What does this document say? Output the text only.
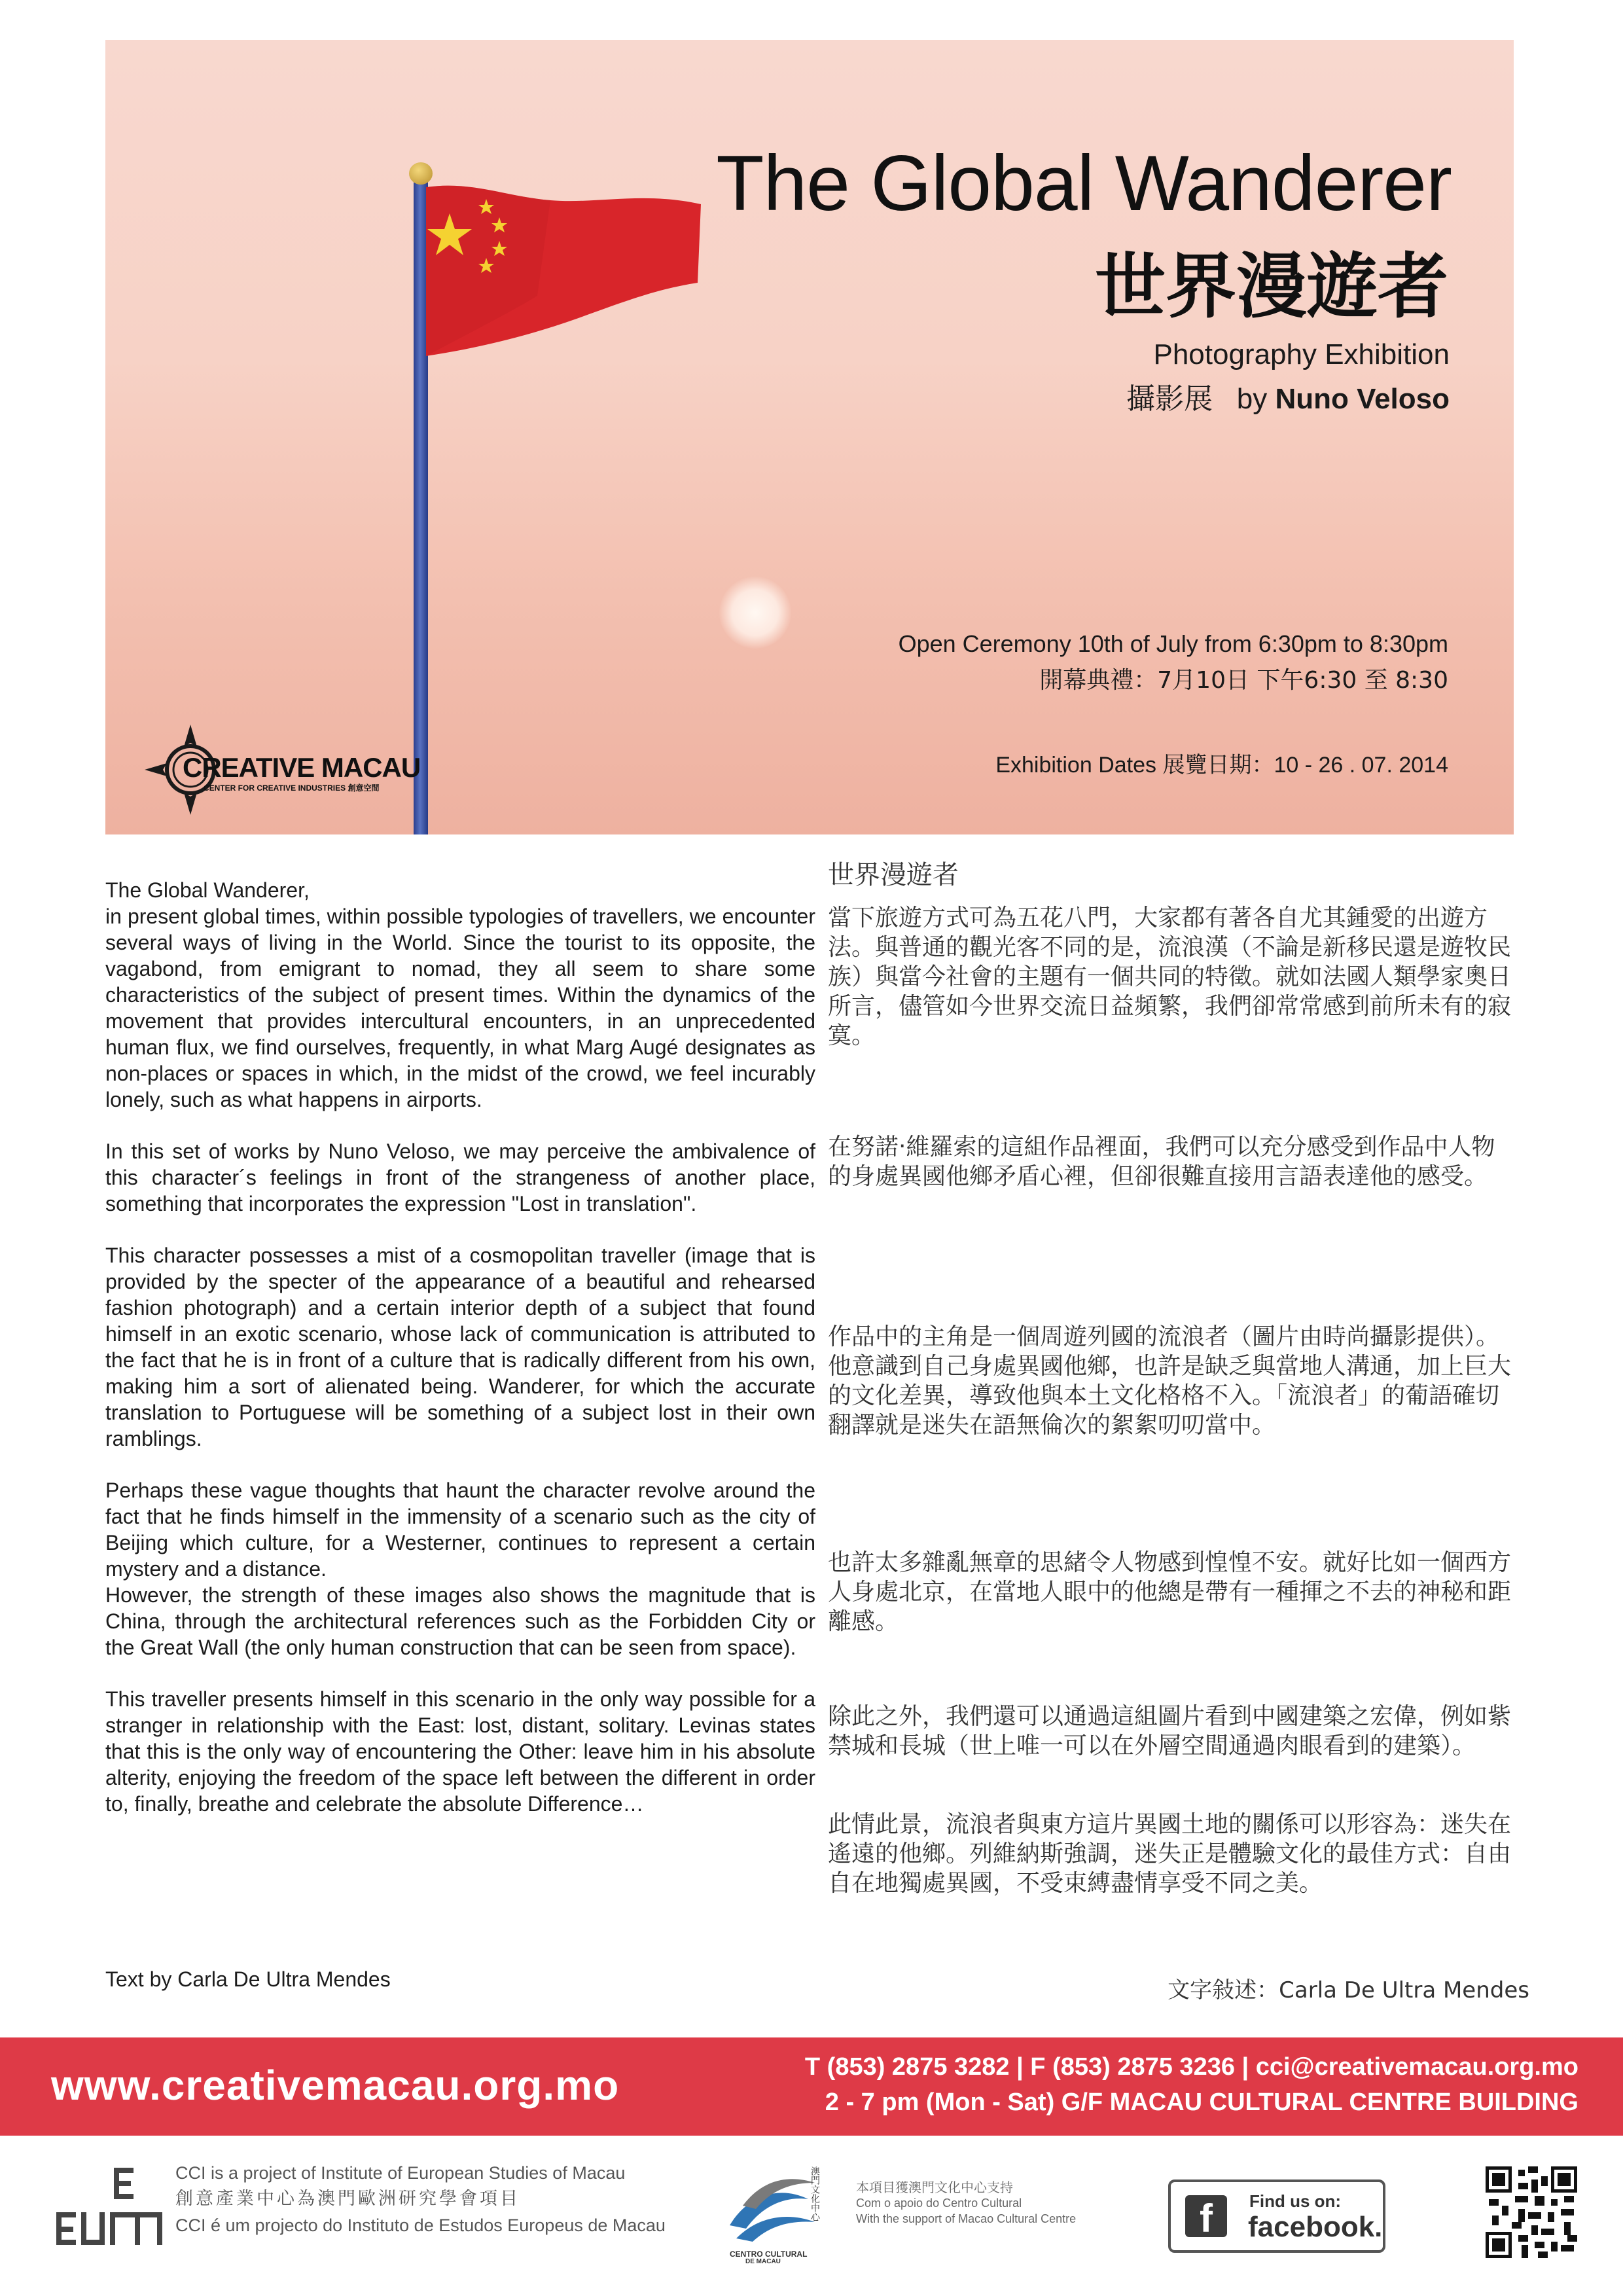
The Global Wanderer
世界漫遊者
Photography Exhibition
攝影展 by Nuno Veloso
Open Ceremony 10th of July from 6:30pm to 8:30pm
開幕典禮：7月10日 下午6:30 至 8:30
Exhibition Dates 展覽日期：10 - 26 . 07. 2014
CREATIVE MACAU
CENTER FOR CREATIVE INDUSTRIES 創意空間

The Global Wanderer,

in present global times, within possible typologies of travellers, we encounter several ways of living in the World. Since the tourist to its opposite, the vagabond, from emigrant to nomad, they all seem to share some characteristics of the subject of present times. Within the dynamics of the movement that provides intercultural encounters, in an unprecedented human flux, we find ourselves, frequently, in what Marg Augé designates as non-places or spaces in which, in the midst of the crowd, we feel incurably lonely, such as what happens in airports.

In this set of works by Nuno Veloso, we may perceive the ambivalence of this character´s feelings in front of the strangeness of another place, something that incorporates the expression "Lost in translation".

This character possesses a mist of a cosmopolitan traveller (image that is provided by the specter of the appearance of a beautiful and rehearsed fashion photograph) and a certain interior depth of a subject that found himself in an exotic scenario, whose lack of communication is attributed to the fact that he is in front of a culture that is radically different from his own, making him a sort of alienated being. Wanderer, for which the accurate translation to Portuguese will be something of a subject lost in their own ramblings.

Perhaps these vague thoughts that haunt the character revolve around the fact that he finds himself in the immensity of a scenario such as the city of Beijing which culture, for a Westerner, continues to represent a certain mystery and a distance.

However, the strength of these images also shows the magnitude that is China, through the architectural references such as the Forbidden City or the Great Wall (the only human construction that can be seen from space).

This traveller presents himself in this scenario in the only way possible for a stranger in relationship with the East: lost, distant, solitary. Levinas states that this is the only way of encountering the Other: leave him in his absolute alterity, enjoying the freedom of the space left between the different in order to, finally, breathe and celebrate the absolute Difference…

Text by Carla De Ultra Mendes
世界漫遊者
當下旅遊方式可為五花八門，大家都有著各自尤其鍾愛的出遊方法。與普通的觀光客不同的是，流浪漢（不論是新移民還是遊牧民族）與當今社會的主題有一個共同的特徵。就如法國人類學家奧日所言，儘管如今世界交流日益頻繁，我們卻常常感到前所未有的寂寞。
在努諾‧維羅索的這組作品裡面，我們可以充分感受到作品中人物的身處異國他鄉矛盾心裡，但卻很難直接用言語表達他的感受。
作品中的主角是一個周遊列國的流浪者（圖片由時尚攝影提供）。他意識到自己身處異國他鄉，也許是缺乏與當地人溝通，加上巨大的文化差異，導致他與本土文化格格不入。「流浪者」的葡語確切翻譯就是迷失在語無倫次的絮絮叨叨當中。
也許太多雜亂無章的思緒令人物感到惶惶不安。就好比如一個西方人身處北京，在當地人眼中的他總是帶有一種揮之不去的神秘和距離感。
除此之外，我們還可以通過這組圖片看到中國建築之宏偉，例如紫禁城和長城（世上唯一可以在外層空間通過肉眼看到的建築）。
此情此景，流浪者與東方這片異國土地的關係可以形容為：迷失在遙遠的他鄉。列維納斯強調，迷失正是體驗文化的最佳方式：自由自在地獨處異國，不受束縛盡情享受不同之美。
文字敍述：Carla De Ultra Mendes
www.creativemacau.org.mo	T (853) 2875 3282 | F (853) 2875 3236 | cci@creativemacau.org.mo
2 - 7 pm (Mon - Sat) G/F MACAU CULTURAL CENTRE BUILDING
CCI is a project of Institute of European Studies of Macau
創意產業中心為澳門歐洲研究學會項目
CCI é um projecto do Instituto de Estudos Europeus de Macau
CENTRO CULTURAL
DE MACAU
澳門文化中心	本項目獲澳門文化中心支持
Com o apoio do Centro Cultural
With the support of Macao Cultural Centre	f	Find us on:
facebook.
